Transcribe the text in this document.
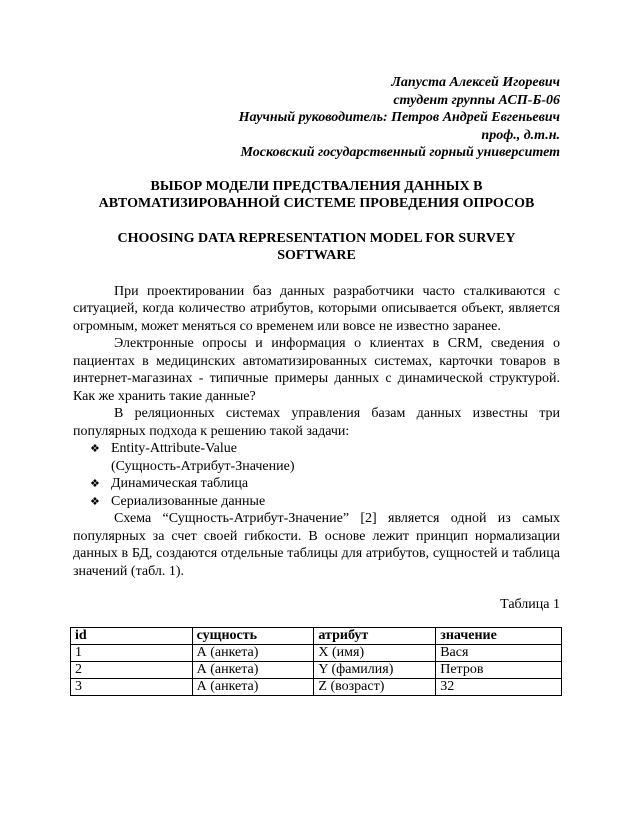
Лапуста Алексей Игоревич
студент группы АСП-Б-06
Научный руководитель: Петров Андрей Евгеньевич
проф., д.т.н.
Московский государственный горный университет
ВЫБОР МОДЕЛИ ПРЕДСТВАЛЕНИЯ ДАННЫХ В
АВТОМАТИЗИРОВАННОЙ СИСТЕМЕ ПРОВЕДЕНИЯ ОПРОСОВ
CHOOSING DATA REPRESENTATION MODEL FOR SURVEY
SOFTWARE

При проектировании баз данных разработчики часто сталкиваются с ситуацией, когда количество атрибутов, которыми описывается объект, является огромным, может меняться со временем или вовсе не известно заранее.

Электронные опросы и информация о клиентах в CRM, сведения о пациентах в медицинских автоматизированных системах, карточки товаров в интернет-магазинах - типичные примеры данных с динамической структурой. Как же хранить такие данные?

В реляционных системах управления базам данных известны три популярных подхода к решению такой задачи:

❖ Entity-Attribute-Value
(Сущность-Атрибут-Значение)
❖ Динамическая таблица
❖ Сериализованные данные

Схема “Сущность-Атрибут-Значение” [2] является одной из самых популярных за счет своей гибкости. В основе лежит принцип нормализации данных в БД, создаются отдельные таблицы для атрибутов, сущностей и таблица значений (табл. 1).

Таблица 1
id	сущность	атрибут	значение
1	А (анкета)	X (имя)	Вася
2	А (анкета)	Y (фамилия)	Петров
3	А (анкета)	Z (возраст)	32
